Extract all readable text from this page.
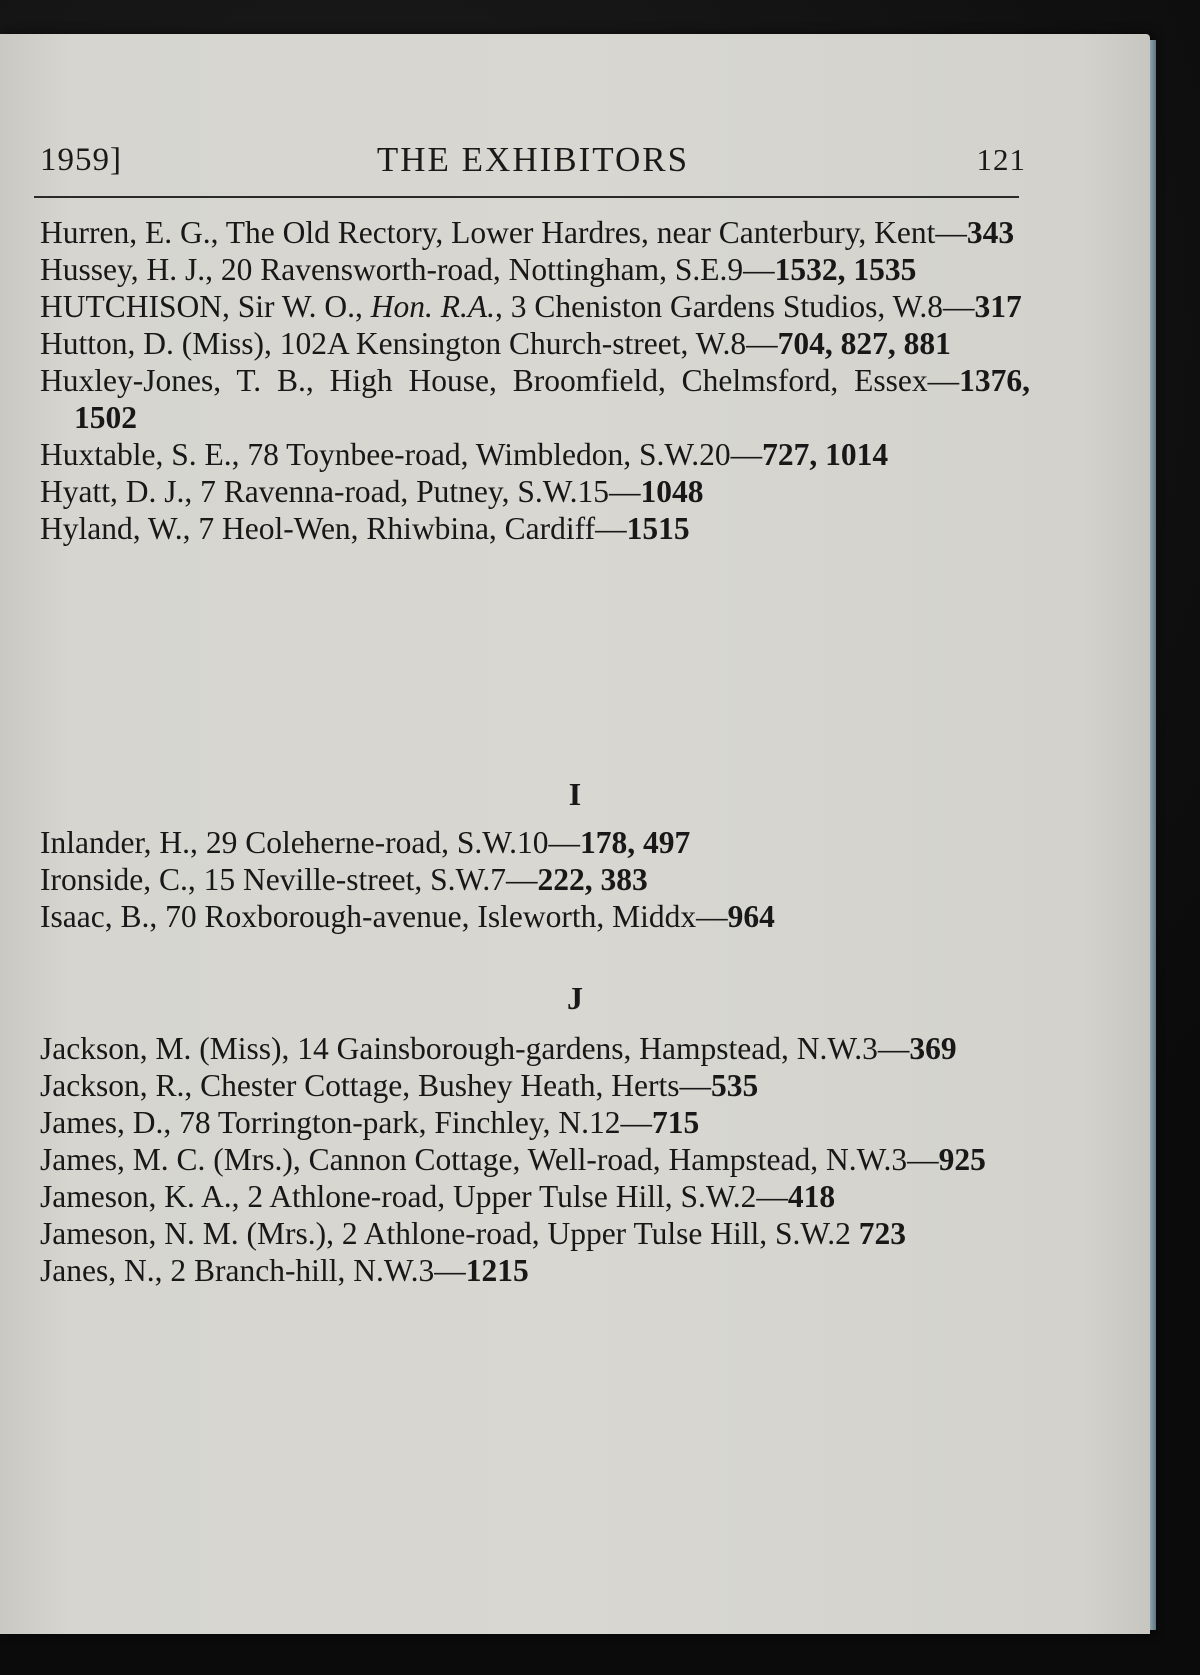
1959]	THE EXHIBITORS	121
Hurren, E. G., The Old Rectory, Lower Hardres, near Canterbury, Kent—343
Hussey, H. J., 20 Ravensworth-road, Nottingham, S.E.9—1532, 1535
HUTCHISON, Sir W. O., Hon. R.A., 3 Cheniston Gardens Studios, W.8—317
Hutton, D. (Miss), 102A Kensington Church-street, W.8—704, 827, 881
Huxley-Jones, T. B., High House, Broomfield, Chelmsford, Essex—1376, 1502
Huxtable, S. E., 78 Toynbee-road, Wimbledon, S.W.20—727, 1014
Hyatt, D. J., 7 Ravenna-road, Putney, S.W.15—1048
Hyland, W., 7 Heol-Wen, Rhiwbina, Cardiff—1515
I
Inlander, H., 29 Coleherne-road, S.W.10—178, 497
Ironside, C., 15 Neville-street, S.W.7—222, 383
Isaac, B., 70 Roxborough-avenue, Isleworth, Middx—964
J
Jackson, M. (Miss), 14 Gainsborough-gardens, Hampstead, N.W.3—369
Jackson, R., Chester Cottage, Bushey Heath, Herts—535
James, D., 78 Torrington-park, Finchley, N.12—715
James, M. C. (Mrs.), Cannon Cottage, Well-road, Hampstead, N.W.3—925
Jameson, K. A., 2 Athlone-road, Upper Tulse Hill, S.W.2—418
Jameson, N. M. (Mrs.), 2 Athlone-road, Upper Tulse Hill, S.W.2 723
Janes, N., 2 Branch-hill, N.W.3—1215
